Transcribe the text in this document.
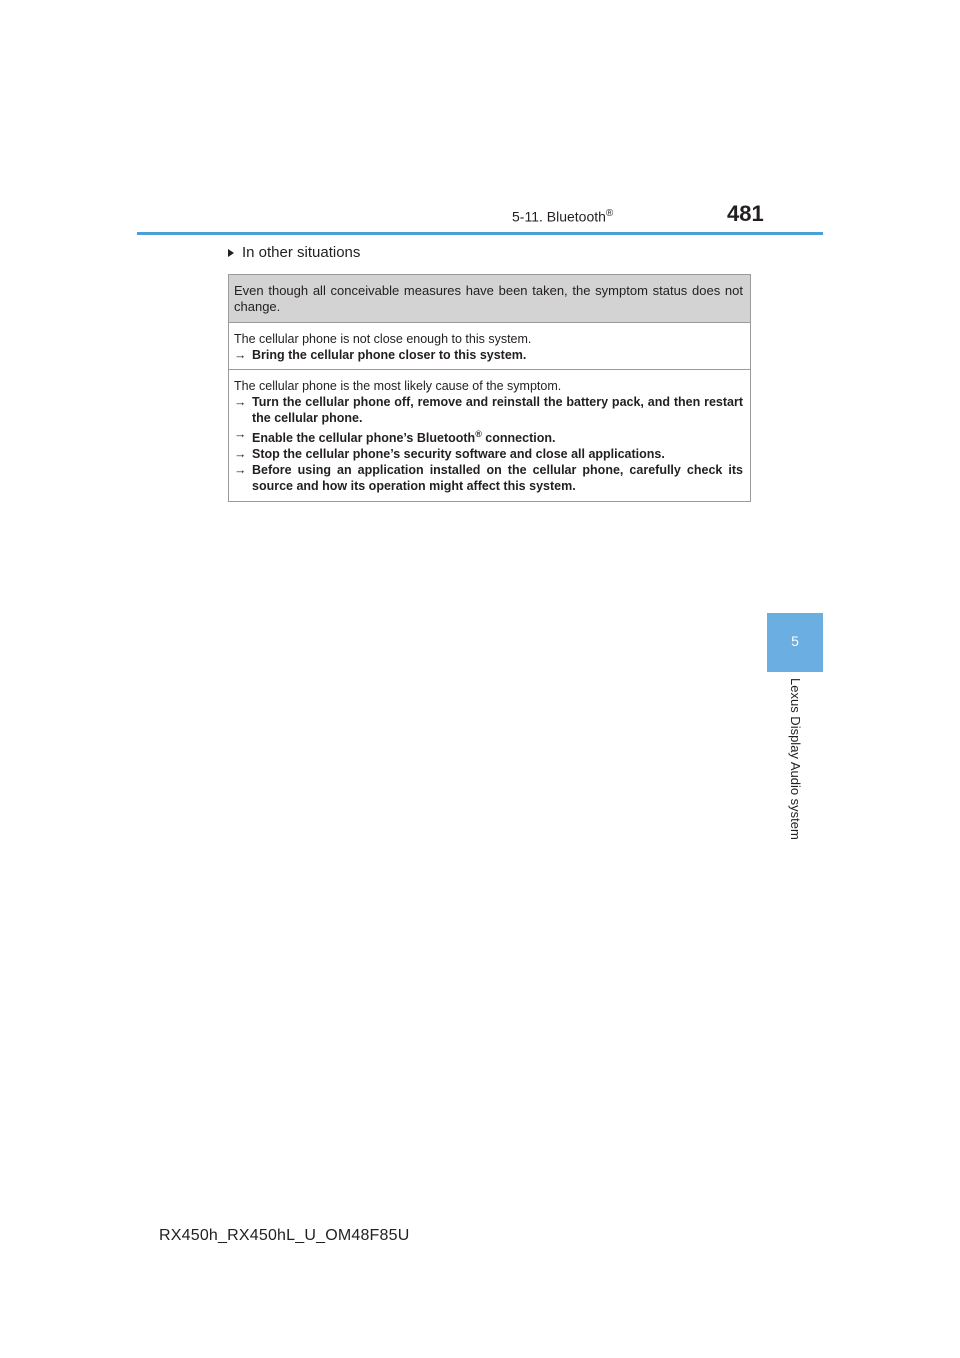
5-11. Bluetooth®	481
5
Lexus Display Audio system
In other situations
Even though all conceivable measures have been taken, the symptom status does not change.
The cellular phone is not close enough to this system.
→ Bring the cellular phone closer to this system.
The cellular phone is the most likely cause of the symptom.
→ Turn the cellular phone off, remove and reinstall the battery pack, and then restart the cellular phone.
→ Enable the cellular phone’s Bluetooth® connection.
→ Stop the cellular phone’s security software and close all applications.
→ Before using an application installed on the cellular phone, carefully check its source and how its operation might affect this system.
RX450h_RX450hL_U_OM48F85U
